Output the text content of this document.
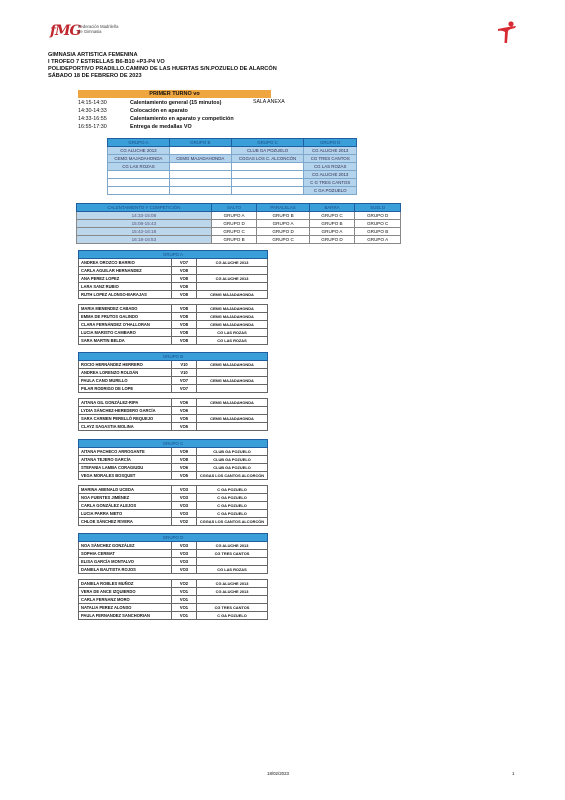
fMG
Federación Madrileña
de Gimnasia
GIMNASIA ARTISTICA FEMENINA
I TROFEO 7 ESTRELLAS B6-B10 +P3-P4 VO
POLIDEPORTIVO PRADILLO.CAMINO DE LAS HUERTAS S/N.POZUELO DE ALARCÓN
SÁBADO 18 DE FEBRERO DE 2023
PRIMER TURNO vo
14:15-14:30	Calentamiento general (15 minutos)
14:30-14:33	Colocación en aparato
14:33-16:55	Calentamiento en aparato y competición
16:55-17:30	Entrega de medallas VO
SALA ANEXA
GRUPO A	GRUPO B	GRUPO C	GRUPO D
CG ALUCHE 2013		CLUB GA POZUELO	CG ALUCHE 2013
CEMG MAJADAHONDA	CEMG MAJADAHONDA	CGGAS LOS C. ALCONCÓN	CG TRES CANTOS
CG LAS ROZAS			CG LAS ROZAS
			CG ALUCHE 2013
			C G TRES CANTOS
			C GA POZUELO
CALENTAMIENTO Y COMPETICIÓN	SALTO	PARALELAS	BARRA	SUELO
14:33-15:08	GRUPO A	GRUPO B	GRUPO C	GRUPO D
15:08-15:43	GRUPO D	GRUPO A	GRUPO B	GRUPO C
15:43-16:18	GRUPO C	GRUPO D	GRUPO A	GRUPO B
16:18-16:53	GRUPO B	GRUPO C	GRUPO D	GRUPO A
GRUPO A		
ANDREA OROZCO BARRIO	VO7	CG ALUCHE 2013
CARLA AGUILAR HERNANDEZ	VO8	
ANA PEREZ LOPEZ	VO8	CG ALUCHE 2013
LARA SANZ RUBIO	VO8	
RUTH LOPEZ ALONSO-BARAJAS	VO8	CEMG MAJADAHONDA

MARIA MENENDEZ CABADO	VO8	CEMG MAJADAHONDA
EMMA DE FRUTOS GALINDO	VO8	CEMG MAJADAHONDA
CLARA FERNÁNDEZ O'HALLORAN	VO8	CEMG MAJADAHONDA
LUCIA MARISTO CAMBARO	VO8	CG LAS ROZAS
SARA MARTIN BELDA	VO8	CG LAS ROZAS
GRUPO B		
ROCIO HERNÁNDEZ HERRERO	V10	CEMG MAJADAHONDA
ANDREA LORENZO ROLDÁN	V10	
PAULA CANO MURILLO	VO7	CEMG MAJADAHONDA
PILAR RODRIGO DE LOPE	VO7	

AITANA GIL GONZÁLEZ-RIPA	VO6	CEMG MAJADAHONDA
LYDIA SÁNCHEZ-HEREDERO GARCÍA	VO6	
SARA CARMEN PERELLÓ REQUEJO	VO5	CEMG MAJADAHONDA
CLAYZ SAGASTIA MOLINA	VO5	
GRUPO C		
AITANA PACHECO ARROGANTE	VO9	CLUB GA POZUELO
AITANA TEJERO GARCÍA	VO8	CLUB GA POZUELO
STEFANIA LAMBA CORAGIUDU	VO6	CLUB GA POZUELO
VEGA MORALES BOSQUET	VO5	CGGAS LOS CANTOS ALCORCÓN

MARINA ABENALD UCEDA	VO3	C GA POZUELO
NOA FUENTES JIMÉNEZ	VO3	C GA POZUELO
CARLA GONZÁLEZ ALEJOS	VO3	C GA POZUELO
LUCIA PARRA NIETO	VO3	C GA POZUELO
CHLOE SÁNCHEZ RIVERA	VO2	CGGAS LOS CANTOS ALCORCÓN
GRUPO D		
NOA SÁNCHEZ GONZÁLEZ	VO3	CG ALUCHE 2013
SOPHIA CERMAT	VO3	CG TRES CANTOS
ELISA GARCÍA MONTALVO	VO3	
DANIELA BAUTISTA ROJOS	VO3	CG LAS ROZAS

DANIELA ROBLES MUÑOZ	VO2	CG ALUCHE 2013
VERA DE ANCE IZQUIERDO	VO1	CG ALUCHE 2013
CARLA FERNANZ MORO	VO1	
NATALIA PEREZ ALONSO	VO1	CG TRES CANTOS
PAULA FERNANDEZ SANCHORIAN	VO1	C GA POZUELO
18/02/2023	1
